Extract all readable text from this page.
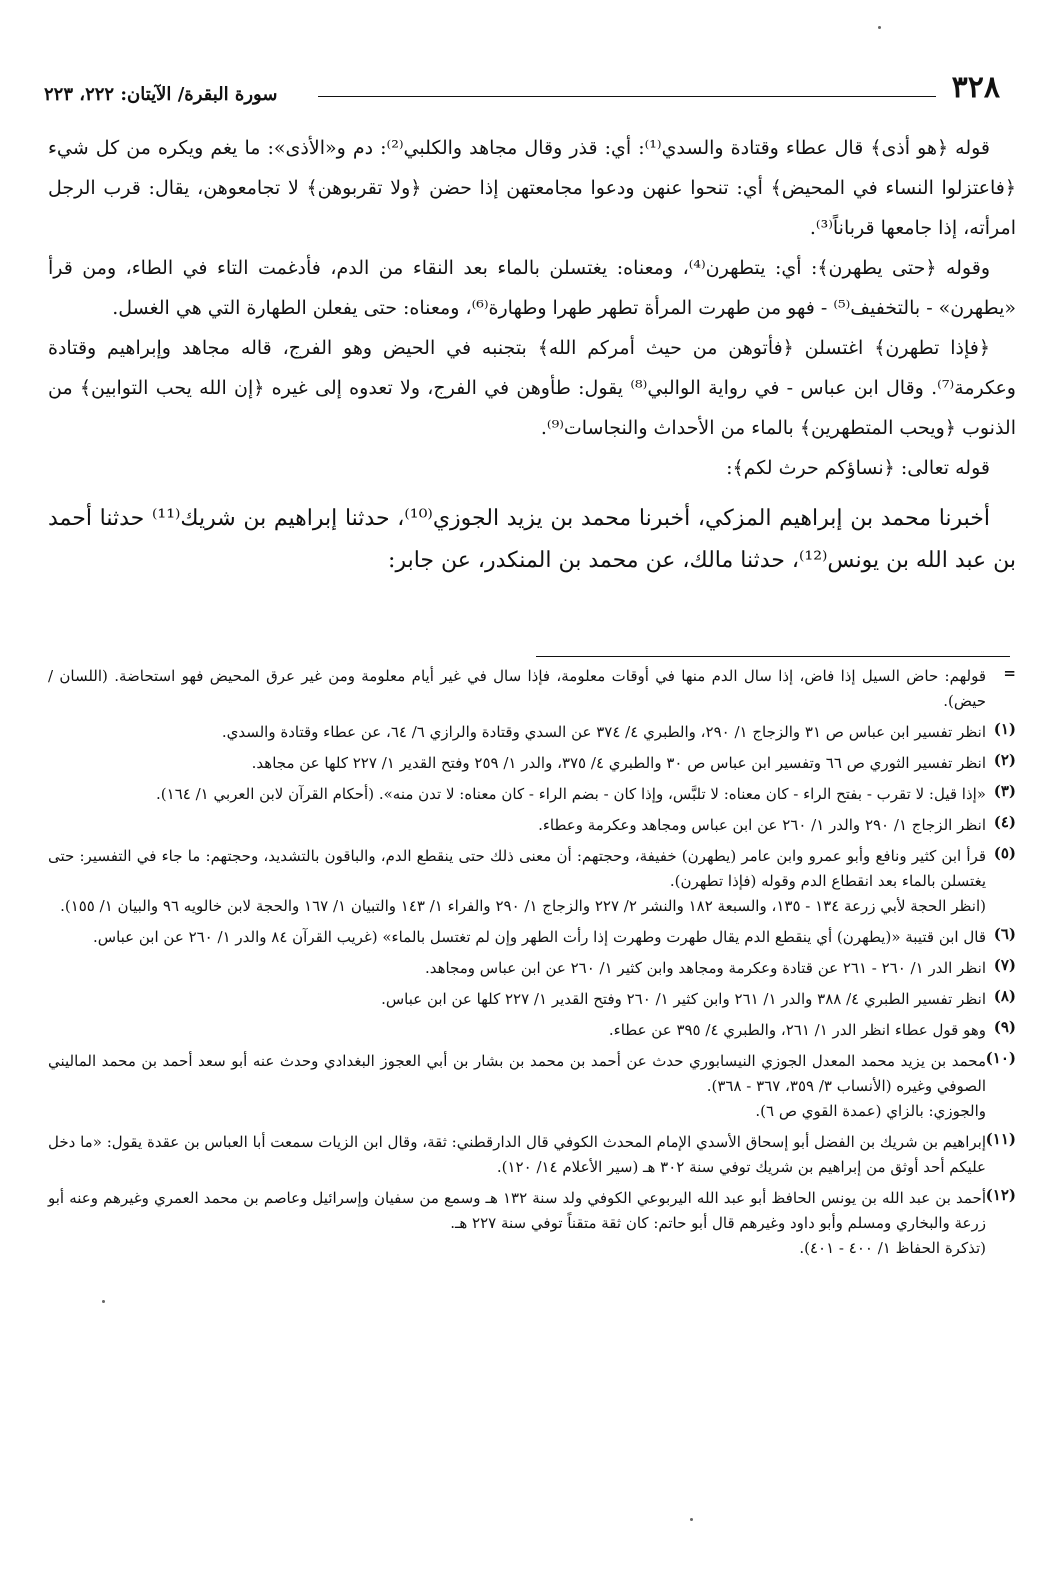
٣٢٨
سورة البقرة/ الآيتان: ٢٢٢، ٢٢٣

قوله ﴿هو أذى﴾ قال عطاء وقتادة والسدي⁽¹⁾: أي: قذر وقال مجاهد والكلبي⁽²⁾: دم و«الأذى»: ما يغم ويكره من كل شيء ﴿فاعتزلوا النساء في المحيض﴾ أي: تنحوا عنهن ودعوا مجامعتهن إذا حضن ﴿ولا تقربوهن﴾ لا تجامعوهن، يقال: قرب الرجل امرأته، إذا جامعها قرباناً⁽³⁾.

وقوله ﴿حتى يطهرن﴾: أي: يتطهرن⁽⁴⁾، ومعناه: يغتسلن بالماء بعد النقاء من الدم، فأدغمت التاء في الطاء، ومن قرأ «يطهرن» - بالتخفيف⁽⁵⁾ - فهو من طهرت المرأة تطهر طهرا وطهارة⁽⁶⁾، ومعناه: حتى يفعلن الطهارة التي هي الغسل.

﴿فإذا تطهرن﴾ اغتسلن ﴿فأتوهن من حيث أمركم الله﴾ بتجنبه في الحيض وهو الفرج، قاله مجاهد وإبراهيم وقتادة وعكرمة⁽⁷⁾. وقال ابن عباس - في رواية الوالبي⁽⁸⁾ يقول: طأوهن في الفرج، ولا تعدوه إلى غيره ﴿إن الله يحب التوابين﴾ من الذنوب ﴿ويحب المتطهرين﴾ بالماء من الأحداث والنجاسات⁽⁹⁾.

قوله تعالى: ﴿نساؤكم حرث لكم﴾:

أخبرنا محمد بن إبراهيم المزكي، أخبرنا محمد بن يزيد الجوزي⁽¹⁰⁾، حدثنا إبراهيم بن شريك⁽¹¹⁾ حدثنا أحمد بن عبد الله بن يونس⁽¹²⁾، حدثنا مالك، عن محمد بن المنكدر، عن جابر:

=

قولهم: حاض السيل إذا فاض، إذا سال الدم منها في أوقات معلومة، فإذا سال في غير أيام معلومة ومن غير عرق المحيض فهو استحاضة. (اللسان / حيض).

(١)

انظر تفسير ابن عباس ص ٣١ والزجاج ١/ ٢٩٠، والطبري ٤/ ٣٧٤ عن السدي وقتادة والرازي ٦/ ٦٤، عن عطاء وقتادة والسدي.

(٢)

انظر تفسير الثوري ص ٦٦ وتفسير ابن عباس ص ٣٠ والطبري ٤/ ٣٧٥، والدر ١/ ٢٥٩ وفتح القدير ١/ ٢٢٧ كلها عن مجاهد.

(٣)

«إذا قيل: لا تقرب - بفتح الراء - كان معناه: لا تلبَّس، وإذا كان - بضم الراء - كان معناه: لا تدن منه». (أحكام القرآن لابن العربي ١/ ١٦٤).

(٤)

انظر الزجاج ١/ ٢٩٠ والدر ١/ ٢٦٠ عن ابن عباس ومجاهد وعكرمة وعطاء.

(٥)

قرأ ابن كثير ونافع وأبو عمرو وابن عامر (يطهرن) خفيفة، وحجتهم: أن معنى ذلك حتى ينقطع الدم، والباقون بالتشديد، وحجتهم: ما جاء في التفسير: حتى يغتسلن بالماء بعد انقطاع الدم وقوله (فإذا تطهرن).

(انظر الحجة لأبي زرعة ١٣٤ - ١٣٥، والسبعة ١٨٢ والنشر ٢/ ٢٢٧ والزجاج ١/ ٢٩٠ والفراء ١/ ١٤٣ والتبيان ١/ ١٦٧ والحجة لابن خالويه ٩٦ والبيان ١/ ١٥٥).

(٦)

قال ابن قتيبة «(يطهرن) أي ينقطع الدم يقال طهرت وطهرت إذا رأت الطهر وإن لم تغتسل بالماء» (غريب القرآن ٨٤ والدر ١/ ٢٦٠ عن ابن عباس.

(٧)

انظر الدر ١/ ٢٦٠ - ٢٦١ عن قتادة وعكرمة ومجاهد وابن كثير ١/ ٢٦٠ عن ابن عباس ومجاهد.

(٨)

انظر تفسير الطبري ٤/ ٣٨٨ والدر ١/ ٢٦١ وابن كثير ١/ ٢٦٠ وفتح القدير ١/ ٢٢٧ كلها عن ابن عباس.

(٩)

وهو قول عطاء انظر الدر ١/ ٢٦١، والطبري ٤/ ٣٩٥ عن عطاء.

(١٠)

محمد بن يزيد محمد المعدل الجوزي النيسابوري حدث عن أحمد بن محمد بن بشار بن أبي العجوز البغدادي وحدث عنه أبو سعد أحمد بن محمد الماليني الصوفي وغيره (الأنساب ٣/ ٣٥٩، ٣٦٧ - ٣٦٨).

والجوزي: بالزاي (عمدة القوي ص ٦).

(١١)

إبراهيم بن شريك بن الفضل أبو إسحاق الأسدي الإمام المحدث الكوفي قال الدارقطني: ثقة، وقال ابن الزيات سمعت أبا العباس بن عقدة يقول: «ما دخل عليكم أحد أوثق من إبراهيم بن شريك توفي سنة ٣٠٢ هـ (سير الأعلام ١٤/ ١٢٠).

(١٢)

أحمد بن عبد الله بن يونس الحافظ أبو عبد الله اليربوعي الكوفي ولد سنة ١٣٢ هـ وسمع من سفيان وإسرائيل وعاصم بن محمد العمري وغيرهم وعنه أبو زرعة والبخاري ومسلم وأبو داود وغيرهم قال أبو حاتم: كان ثقة متقناً توفي سنة ٢٢٧ هـ.

(تذكرة الحفاظ ١/ ٤٠٠ - ٤٠١).
